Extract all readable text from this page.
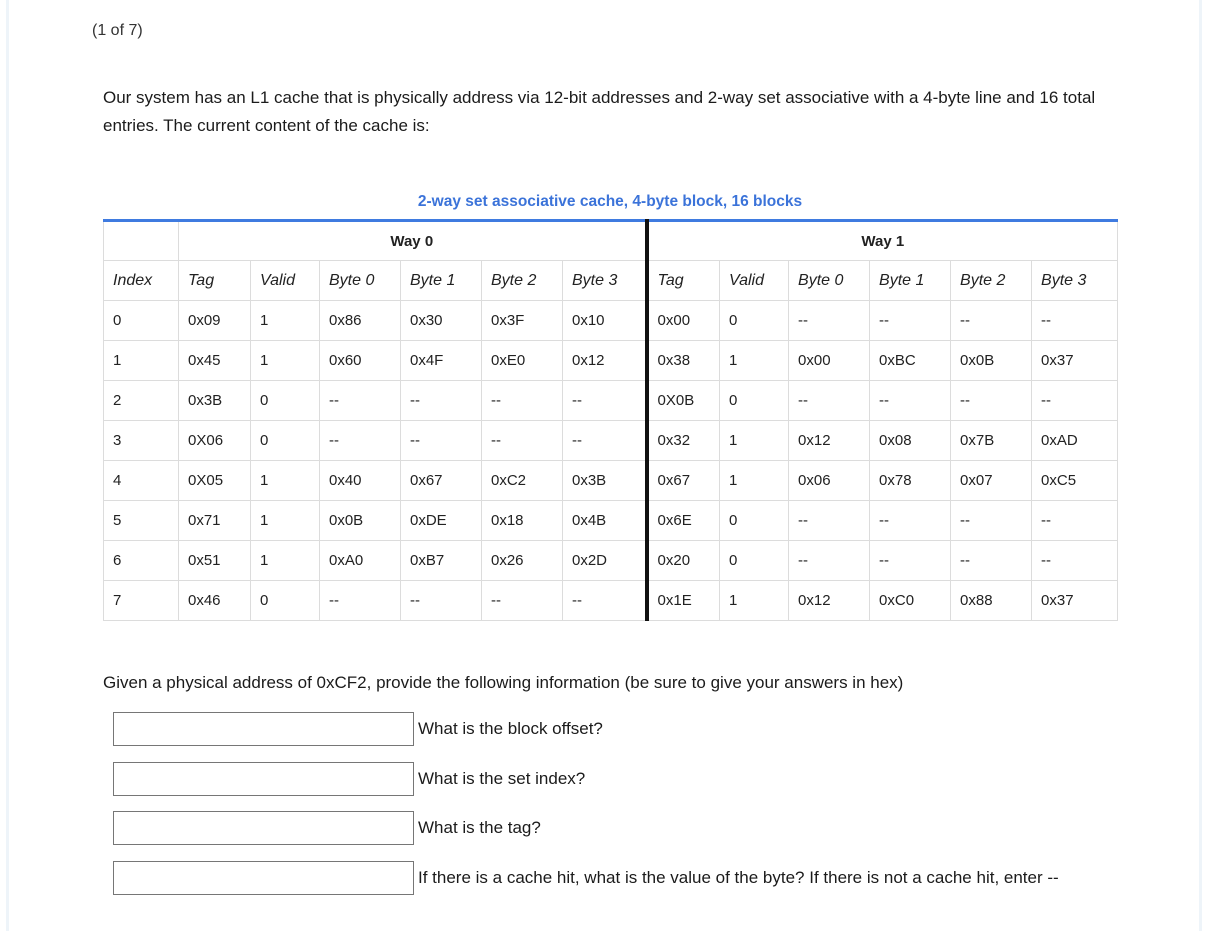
(1 of 7)
Our system has an L1 cache that is physically address via 12-bit addresses and 2-way set associative with a 4-byte line and 16 total entries. The current content of the cache is:
2-way set associative cache, 4-byte block, 16 blocks
	Way 0						Way 1					
Index	Tag	Valid	Byte 0	Byte 1	Byte 2	Byte 3	Tag	Valid	Byte 0	Byte 1	Byte 2	Byte 3
0	0x09	1	0x86	0x30	0x3F	0x10	0x00	0	--	--	--	--
1	0x45	1	0x60	0x4F	0xE0	0x12	0x38	1	0x00	0xBC	0x0B	0x37
2	0x3B	0	--	--	--	--	0X0B	0	--	--	--	--
3	0X06	0	--	--	--	--	0x32	1	0x12	0x08	0x7B	0xAD
4	0X05	1	0x40	0x67	0xC2	0x3B	0x67	1	0x06	0x78	0x07	0xC5
5	0x71	1	0x0B	0xDE	0x18	0x4B	0x6E	0	--	--	--	--
6	0x51	1	0xA0	0xB7	0x26	0x2D	0x20	0	--	--	--	--
7	0x46	0	--	--	--	--	0x1E	1	0x12	0xC0	0x88	0x37
Given a physical address of 0xCF2, provide the following information (be sure to give your answers in hex)
What is the block offset?
What is the set index?
What is the tag?
If there is a cache hit, what is the value of the byte? If there is not a cache hit, enter --
